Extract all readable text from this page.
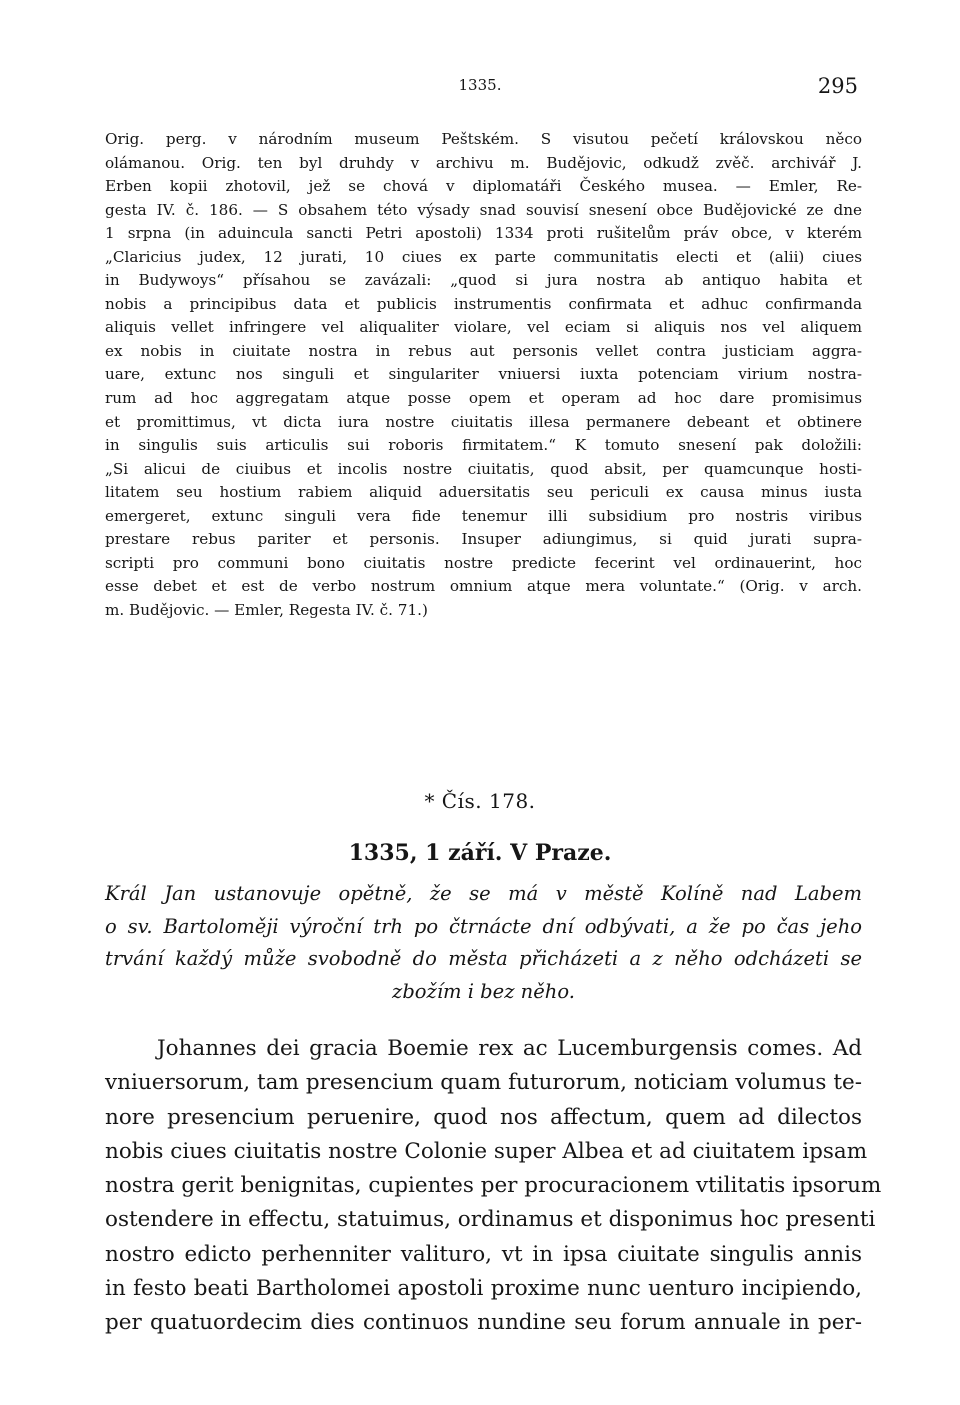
1335.	295
Orig. perg. v národním museum Peštském. S visutou pečetí královskou něco
olámanou. Orig. ten byl druhdy v archivu m. Budějovic, odkudž zvěč. archivář J.
Erben kopii zhotovil, jež se chová v diplomatáři Českého musea. — Emler, Re-
gesta IV. č. 186. — S obsahem této výsady snad souvisí snesení obce Budějovické ze dne
1 srpna (in aduincula sancti Petri apostoli) 1334 proti rušitelům práv obce, v kterém
„Claricius judex, 12 jurati, 10 ciues ex parte communitatis electi et (alii) ciues
in Budywoys“ přísahou se zavázali: „quod si jura nostra ab antiquo habita et
nobis a principibus data et publicis instrumentis confirmata et adhuc confirmanda
aliquis vellet infringere vel aliqualiter violare, vel eciam si aliquis nos vel aliquem
ex nobis in ciuitate nostra in rebus aut personis vellet contra justiciam aggra-
uare, extunc nos singuli et singulariter vniuersi iuxta potenciam virium nostra-
rum ad hoc aggregatam atque posse opem et operam ad hoc dare promisimus
et promittimus, vt dicta iura nostre ciuitatis illesa permanere debeant et obtinere
in singulis suis articulis sui roboris firmitatem.“ K tomuto snesení pak doložili:
„Si alicui de ciuibus et incolis nostre ciuitatis, quod absit, per quamcunque hosti-
litatem seu hostium rabiem aliquid aduersitatis seu periculi ex causa minus iusta
emergeret, extunc singuli vera fide tenemur illi subsidium pro nostris viribus
prestare rebus pariter et personis. Insuper adiungimus, si quid jurati supra-
scripti pro communi bono ciuitatis nostre predicte fecerint vel ordinauerint, hoc
esse debet et est de verbo nostrum omnium atque mera voluntate.“ (Orig. v arch.
m. Budějovic. — Emler, Regesta IV. č. 71.)
* Čís. 178.
1335, 1 září. V Praze.
Král Jan ustanovuje opětně, že se má v městě Kolíně nad Labem
o sv. Bartoloměji výroční trh po čtrnácte dní odbývati, a že po čas jeho
trvání každý může svobodně do města přicházeti a z něho odcházeti se
zbožím i bez něho.
Johannes dei gracia Boemie rex ac Lucemburgensis comes. Ad
vniuersorum, tam presencium quam futurorum, noticiam volumus te-
nore presencium peruenire, quod nos affectum, quem ad dilectos
nobis ciues ciuitatis nostre Colonie super Albea et ad ciuitatem ipsam
nostra gerit benignitas, cupientes per procuracionem vtilitatis ipsorum
ostendere in effectu, statuimus, ordinamus et disponimus hoc presenti
nostro edicto perhenniter valituro, vt in ipsa ciuitate singulis annis
in festo beati Bartholomei apostoli proxime nunc uenturo incipiendo,
per quatuordecim dies continuos nundine seu forum annuale in per-
